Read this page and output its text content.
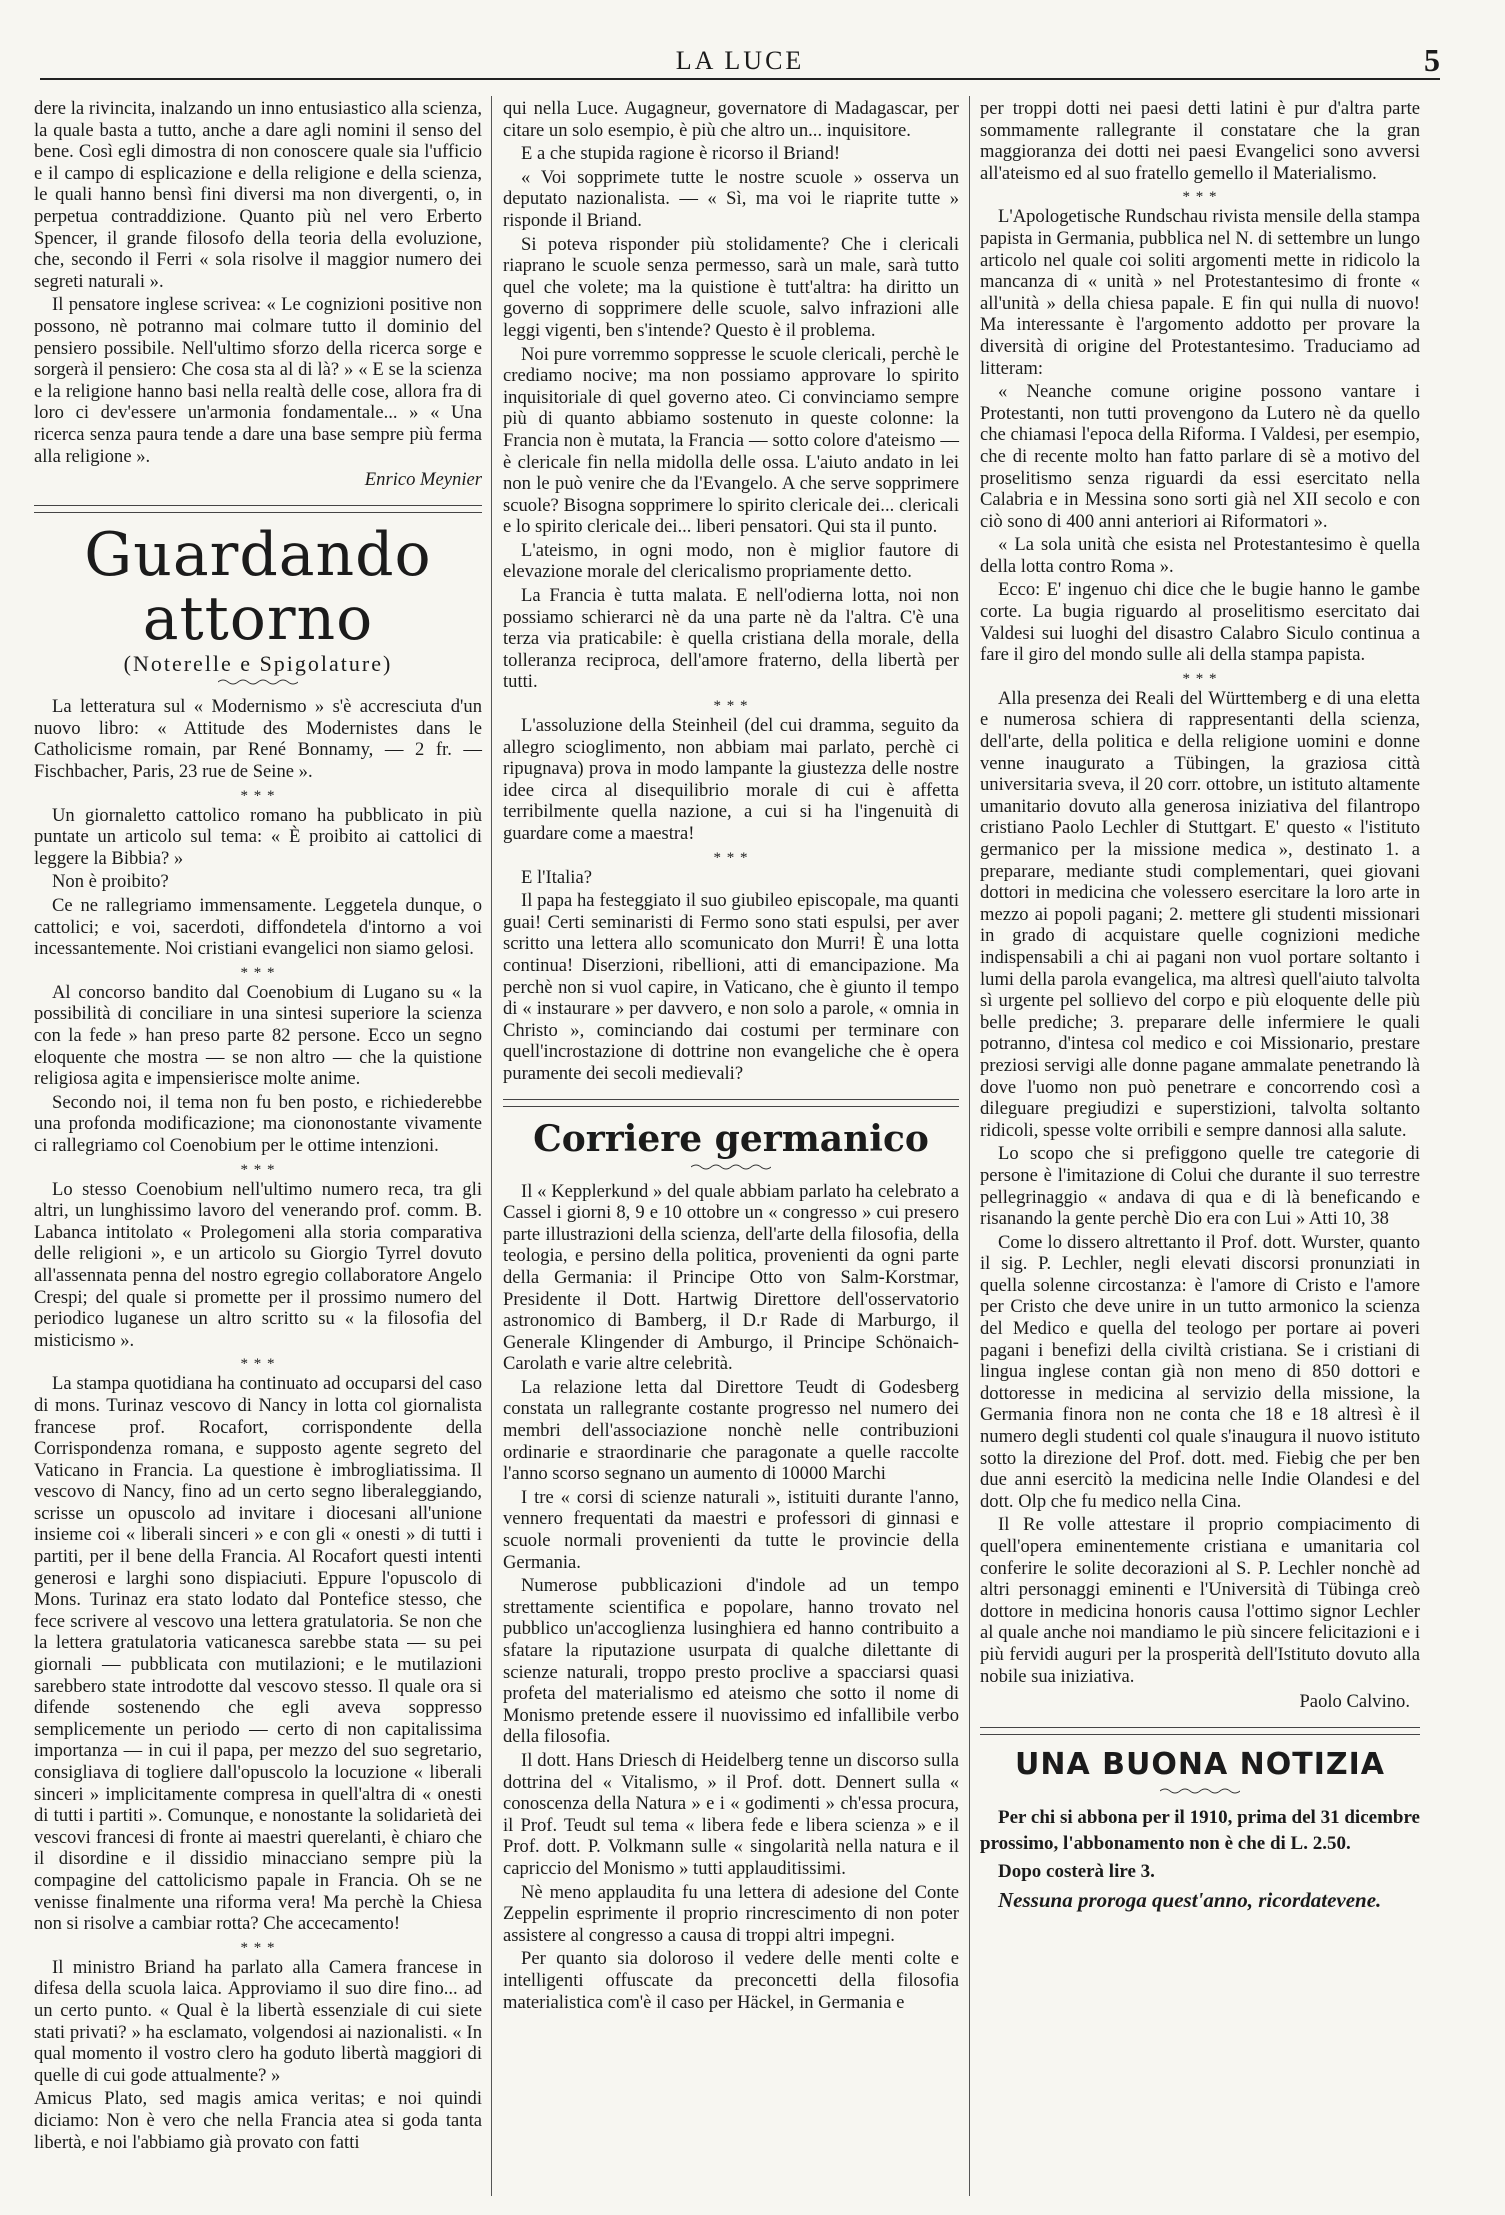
LA LUCE	5

dere la rivincita, inalzando un inno entusiastico alla scienza, la quale basta a tutto, anche a dare agli nomini il senso del bene. Così egli dimostra di non conoscere quale sia l'ufficio e il campo di esplicazione e della religione e della scienza, le quali hanno bensì fini diversi ma non divergenti, o, in perpetua contraddizione. Quanto più nel vero Erberto Spencer, il grande filosofo della teoria della evoluzione, che, secondo il Ferri « sola risolve il maggior numero dei segreti naturali ».

Il pensatore inglese scrivea: « Le cognizioni positive non possono, nè potranno mai colmare tutto il dominio del pensiero possibile. Nell'ultimo sforzo della ricerca sorge e sorgerà il pensiero: Che cosa sta al di là? » « E se la scienza e la religione hanno basi nella realtà delle cose, allora fra di loro ci dev'essere un'armonia fondamentale... » « Una ricerca senza paura tende a dare una base sempre più ferma alla religione ».

Enrico Meynier
Guardando attorno
(Noterelle e Spigolature)

La letteratura sul « Modernismo » s'è accresciuta d'un nuovo libro: « Attitude des Modernistes dans le Catholicisme romain, par René Bonnamy, — 2 fr. — Fischbacher, Paris, 23 rue de Seine ».

* * *

Un giornaletto cattolico romano ha pubblicato in più puntate un articolo sul tema: « È proibito ai cattolici di leggere la Bibbia? »

Non è proibito?

Ce ne rallegriamo immensamente. Leggetela dunque, o cattolici; e voi, sacerdoti, diffondetela d'intorno a voi incessantemente. Noi cristiani evangelici non siamo gelosi.

* * *

Al concorso bandito dal Coenobium di Lugano su « la possibilità di conciliare in una sintesi superiore la scienza con la fede » han preso parte 82 persone. Ecco un segno eloquente che mostra — se non altro — che la quistione religiosa agita e impensierisce molte anime.

Secondo noi, il tema non fu ben posto, e richiederebbe una profonda modificazione; ma ciononostante vivamente ci rallegriamo col Coenobium per le ottime intenzioni.

* * *

Lo stesso Coenobium nell'ultimo numero reca, tra gli altri, un lunghissimo lavoro del venerando prof. comm. B. Labanca intitolato « Prolegomeni alla storia comparativa delle religioni », e un articolo su Giorgio Tyrrel dovuto all'assennata penna del nostro egregio collaboratore Angelo Crespi; del quale si promette per il prossimo numero del periodico luganese un altro scritto su « la filosofia del misticismo ».

* * *

La stampa quotidiana ha continuato ad occuparsi del caso di mons. Turinaz vescovo di Nancy in lotta col giornalista francese prof. Rocafort, corrispondente della Corrispondenza romana, e supposto agente segreto del Vaticano in Francia. La questione è imbrogliatissima. Il vescovo di Nancy, fino ad un certo segno liberaleggiando, scrisse un opuscolo ad invitare i diocesani all'unione insieme coi « liberali sinceri » e con gli « onesti » di tutti i partiti, per il bene della Francia. Al Rocafort questi intenti generosi e larghi sono dispiaciuti. Eppure l'opuscolo di Mons. Turinaz era stato lodato dal Pontefice stesso, che fece scrivere al vescovo una lettera gratulatoria. Se non che la lettera gratulatoria vaticanesca sarebbe stata — su pei giornali — pubblicata con mutilazioni; e le mutilazioni sarebbero state introdotte dal vescovo stesso. Il quale ora si difende sostenendo che egli aveva soppresso semplicemente un periodo — certo di non capitalissima importanza — in cui il papa, per mezzo del suo segretario, consigliava di togliere dall'opuscolo la locuzione « liberali sinceri » implicitamente compresa in quell'altra di « onesti di tutti i partiti ». Comunque, e nonostante la solidarietà dei vescovi francesi di fronte ai maestri querelanti, è chiaro che il disordine e il dissidio minacciano sempre più la compagine del cattolicismo papale in Francia. Oh se ne venisse finalmente una riforma vera! Ma perchè la Chiesa non si risolve a cambiar rotta? Che accecamento!

* * *

Il ministro Briand ha parlato alla Camera francese in difesa della scuola laica. Approviamo il suo dire fino... ad un certo punto. « Qual è la libertà essenziale di cui siete stati privati? » ha esclamato, volgendosi ai nazionalisti. « In qual momento il vostro clero ha goduto libertà maggiori di quelle di cui gode attualmente? »

Amicus Plato, sed magis amica veritas; e noi quindi diciamo: Non è vero che nella Francia atea si goda tanta libertà, e noi l'abbiamo già provato con fatti

qui nella Luce. Augagneur, governatore di Madagascar, per citare un solo esempio, è più che altro un... inquisitore.

E a che stupida ragione è ricorso il Briand!

« Voi sopprimete tutte le nostre scuole » osserva un deputato nazionalista. — « Sì, ma voi le riaprite tutte » risponde il Briand.

Si poteva risponder più stolidamente? Che i clericali riaprano le scuole senza permesso, sarà un male, sarà tutto quel che volete; ma la quistione è tutt'altra: ha diritto un governo di sopprimere delle scuole, salvo infrazioni alle leggi vigenti, ben s'intende? Questo è il problema.

Noi pure vorremmo soppresse le scuole clericali, perchè le crediamo nocive; ma non possiamo approvare lo spirito inquisitoriale di quel governo ateo. Ci convinciamo sempre più di quanto abbiamo sostenuto in queste colonne: la Francia non è mutata, la Francia — sotto colore d'ateismo — è clericale fin nella midolla delle ossa. L'aiuto andato in lei non le può venire che da l'Evangelo. A che serve sopprimere scuole? Bisogna sopprimere lo spirito clericale dei... clericali e lo spirito clericale dei... liberi pensatori. Qui sta il punto.

L'ateismo, in ogni modo, non è miglior fautore di elevazione morale del clericalismo propriamente detto.

La Francia è tutta malata. E nell'odierna lotta, noi non possiamo schierarci nè da una parte nè da l'altra. C'è una terza via praticabile: è quella cristiana della morale, della tolleranza reciproca, dell'amore fraterno, della libertà per tutti.

* * *

L'assoluzione della Steinheil (del cui dramma, seguito da allegro scioglimento, non abbiam mai parlato, perchè ci ripugnava) prova in modo lampante la giustezza delle nostre idee circa al disequilibrio morale di cui è affetta terribilmente quella nazione, a cui si ha l'ingenuità di guardare come a maestra!

* * *

E l'Italia?

Il papa ha festeggiato il suo giubileo episcopale, ma quanti guai! Certi seminaristi di Fermo sono stati espulsi, per aver scritto una lettera allo scomunicato don Murri! È una lotta continua! Diserzioni, ribellioni, atti di emancipazione. Ma perchè non si vuol capire, in Vaticano, che è giunto il tempo di « instaurare » per davvero, e non solo a parole, « omnia in Christo », cominciando dai costumi per terminare con quell'incrostazione di dottrine non evangeliche che è opera puramente dei secoli medievali?

Corriere germanico

Il « Kepplerkund » del quale abbiam parlato ha celebrato a Cassel i giorni 8, 9 e 10 ottobre un « congresso » cui presero parte illustrazioni della scienza, dell'arte della filosofia, della teologia, e persino della politica, provenienti da ogni parte della Germania: il Principe Otto von Salm-Korstmar, Presidente il Dott. Hartwig Direttore dell'osservatorio astronomico di Bamberg, il D.r Rade di Marburgo, il Generale Klingender di Amburgo, il Principe Schönaich-Carolath e varie altre celebrità.

La relazione letta dal Direttore Teudt di Godesberg constata un rallegrante costante progresso nel numero dei membri dell'associazione nonchè nelle contribuzioni ordinarie e straordinarie che paragonate a quelle raccolte l'anno scorso segnano un aumento di 10000 Marchi

I tre « corsi di scienze naturali », istituiti durante l'anno, vennero frequentati da maestri e professori di ginnasi e scuole normali provenienti da tutte le provincie della Germania.

Numerose pubblicazioni d'indole ad un tempo strettamente scientifica e popolare, hanno trovato nel pubblico un'accoglienza lusinghiera ed hanno contribuito a sfatare la riputazione usurpata di qualche dilettante di scienze naturali, troppo presto proclive a spacciarsi quasi profeta del materialismo ed ateismo che sotto il nome di Monismo pretende essere il nuovissimo ed infallibile verbo della filosofia.

Il dott. Hans Driesch di Heidelberg tenne un discorso sulla dottrina del « Vitalismo, » il Prof. dott. Dennert sulla « conoscenza della Natura » e i « godimenti » ch'essa procura, il Prof. Teudt sul tema « libera fede e libera scienza » e il Prof. dott. P. Volkmann sulle « singolarità nella natura e il capriccio del Monismo » tutti applauditissimi.

Nè meno applaudita fu una lettera di adesione del Conte Zeppelin esprimente il proprio rincrescimento di non poter assistere al congresso a causa di troppi altri impegni.

Per quanto sia doloroso il vedere delle menti colte e intelligenti offuscate da preconcetti della filosofia materialistica com'è il caso per Häckel, in Germania e

per troppi dotti nei paesi detti latini è pur d'altra parte sommamente rallegrante il constatare che la gran maggioranza dei dotti nei paesi Evangelici sono avversi all'ateismo ed al suo fratello gemello il Materialismo.

* * *

L'Apologetische Rundschau rivista mensile della stampa papista in Germania, pubblica nel N. di settembre un lungo articolo nel quale coi soliti argomenti mette in ridicolo la mancanza di « unità » nel Protestantesimo di fronte « all'unità » della chiesa papale. E fin qui nulla di nuovo! Ma interessante è l'argomento addotto per provare la diversità di origine del Protestantesimo. Traduciamo ad litteram:

« Neanche comune origine possono vantare i Protestanti, non tutti provengono da Lutero nè da quello che chiamasi l'epoca della Riforma. I Valdesi, per esempio, che di recente molto han fatto parlare di sè a motivo del proselitismo senza riguardi da essi esercitato nella Calabria e in Messina sono sorti già nel XII secolo e con ciò sono di 400 anni anteriori ai Riformatori ».

« La sola unità che esista nel Protestantesimo è quella della lotta contro Roma ».

Ecco: E' ingenuo chi dice che le bugie hanno le gambe corte. La bugia riguardo al proselitismo esercitato dai Valdesi sui luoghi del disastro Calabro Siculo continua a fare il giro del mondo sulle ali della stampa papista.

* * *

Alla presenza dei Reali del Württemberg e di una eletta e numerosa schiera di rappresentanti della scienza, dell'arte, della politica e della religione uomini e donne venne inaugurato a Tübingen, la graziosa città universitaria sveva, il 20 corr. ottobre, un istituto altamente umanitario dovuto alla generosa iniziativa del filantropo cristiano Paolo Lechler di Stuttgart. E' questo « l'istituto germanico per la missione medica », destinato 1. a preparare, mediante studi complementari, quei giovani dottori in medicina che volessero esercitare la loro arte in mezzo ai popoli pagani; 2. mettere gli studenti missionari in grado di acquistare quelle cognizioni mediche indispensabili a chi ai pagani non vuol portare soltanto i lumi della parola evangelica, ma altresì quell'aiuto talvolta sì urgente pel sollievo del corpo e più eloquente delle più belle prediche; 3. preparare delle infermiere le quali potranno, d'intesa col medico e coi Missionario, prestare preziosi servigi alle donne pagane ammalate penetrando là dove l'uomo non può penetrare e concorrendo così a dileguare pregiudizi e superstizioni, talvolta soltanto ridicoli, spesse volte orribili e sempre dannosi alla salute.

Lo scopo che si prefiggono quelle tre categorie di persone è l'imitazione di Colui che durante il suo terrestre pellegrinaggio « andava di qua e di là beneficando e risanando la gente perchè Dio era con Lui » Atti 10, 38

Come lo dissero altrettanto il Prof. dott. Wurster, quanto il sig. P. Lechler, negli elevati discorsi pronunziati in quella solenne circostanza: è l'amore di Cristo e l'amore per Cristo che deve unire in un tutto armonico la scienza del Medico e quella del teologo per portare ai poveri pagani i benefizi della civiltà cristiana. Se i cristiani di lingua inglese contan già non meno di 850 dottori e dottoresse in medicina al servizio della missione, la Germania finora non ne conta che 18 e 18 altresì è il numero degli studenti col quale s'inaugura il nuovo istituto sotto la direzione del Prof. dott. med. Fiebig che per ben due anni esercitò la medicina nelle Indie Olandesi e del dott. Olp che fu medico nella Cina.

Il Re volle attestare il proprio compiacimento di quell'opera eminentemente cristiana e umanitaria col conferire le solite decorazioni al S. P. Lechler nonchè ad altri personaggi eminenti e l'Università di Tübinga creò dottore in medicina honoris causa l'ottimo signor Lechler al quale anche noi mandiamo le più sincere felicitazioni e i più fervidi auguri per la prosperità dell'Istituto dovuto alla nobile sua iniziativa.

Paolo Calvino.
UNA BUONA NOTIZIA

Per chi si abbona per il 1910, prima del 31 dicembre prossimo, l'abbonamento non è che di L. 2.50.

Dopo costerà lire 3.

Nessuna proroga quest'anno, ricordatevene.
